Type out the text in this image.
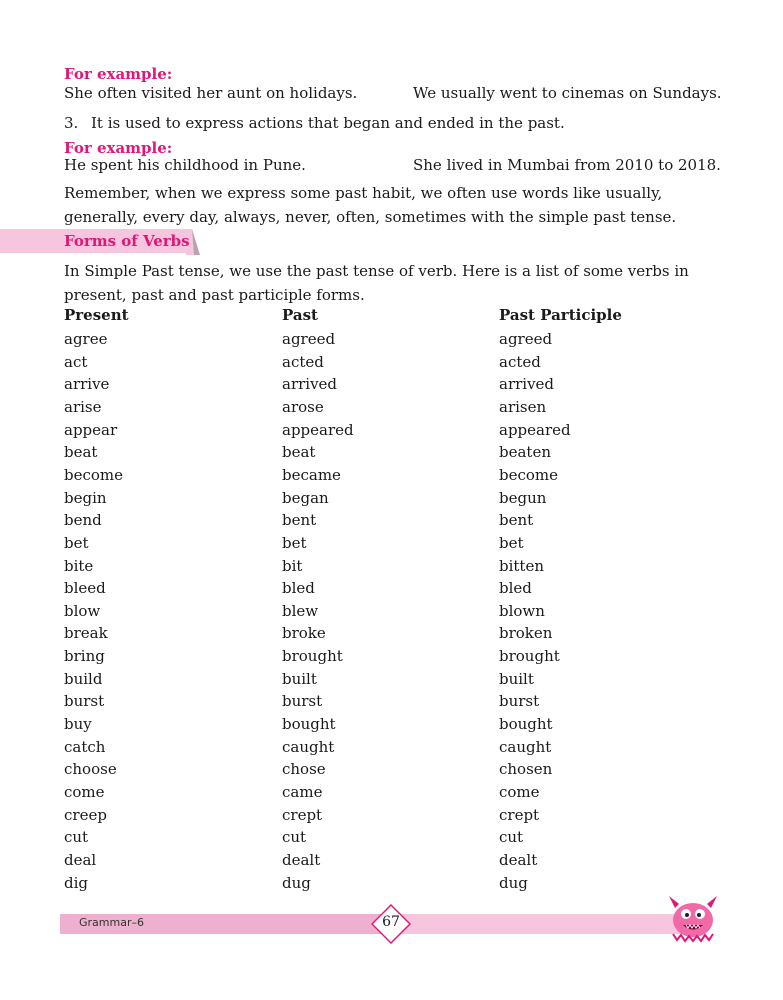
For example:
She often visited her aunt on holidays.	We usually went to cinemas on Sundays.
3. It is used to express actions that began and ended in the past.
For example:
He spent his childhood in Pune.	She lived in Mumbai from 2010 to 2018.
Remember, when we express some past habit, we often use words like usually, generally, every day, always, never, often, sometimes with the simple past tense.
Forms of Verbs
In Simple Past tense, we use the past tense of verb. Here is a list of some verbs in present, past and past participle forms.
Present	Past	Past Participle
agree	agreed	agreed
act	acted	acted
arrive	arrived	arrived
arise	arose	arisen
appear	appeared	appeared
beat	beat	beaten
become	became	become
begin	began	begun
bend	bent	bent
bet	bet	bet
bite	bit	bitten
bleed	bled	bled
blow	blew	blown
break	broke	broken
bring	brought	brought
build	built	built
burst	burst	burst
buy	bought	bought
catch	caught	caught
choose	chose	chosen
come	came	come
creep	crept	crept
cut	cut	cut
deal	dealt	dealt
dig	dug	dug
Grammar–6	67
